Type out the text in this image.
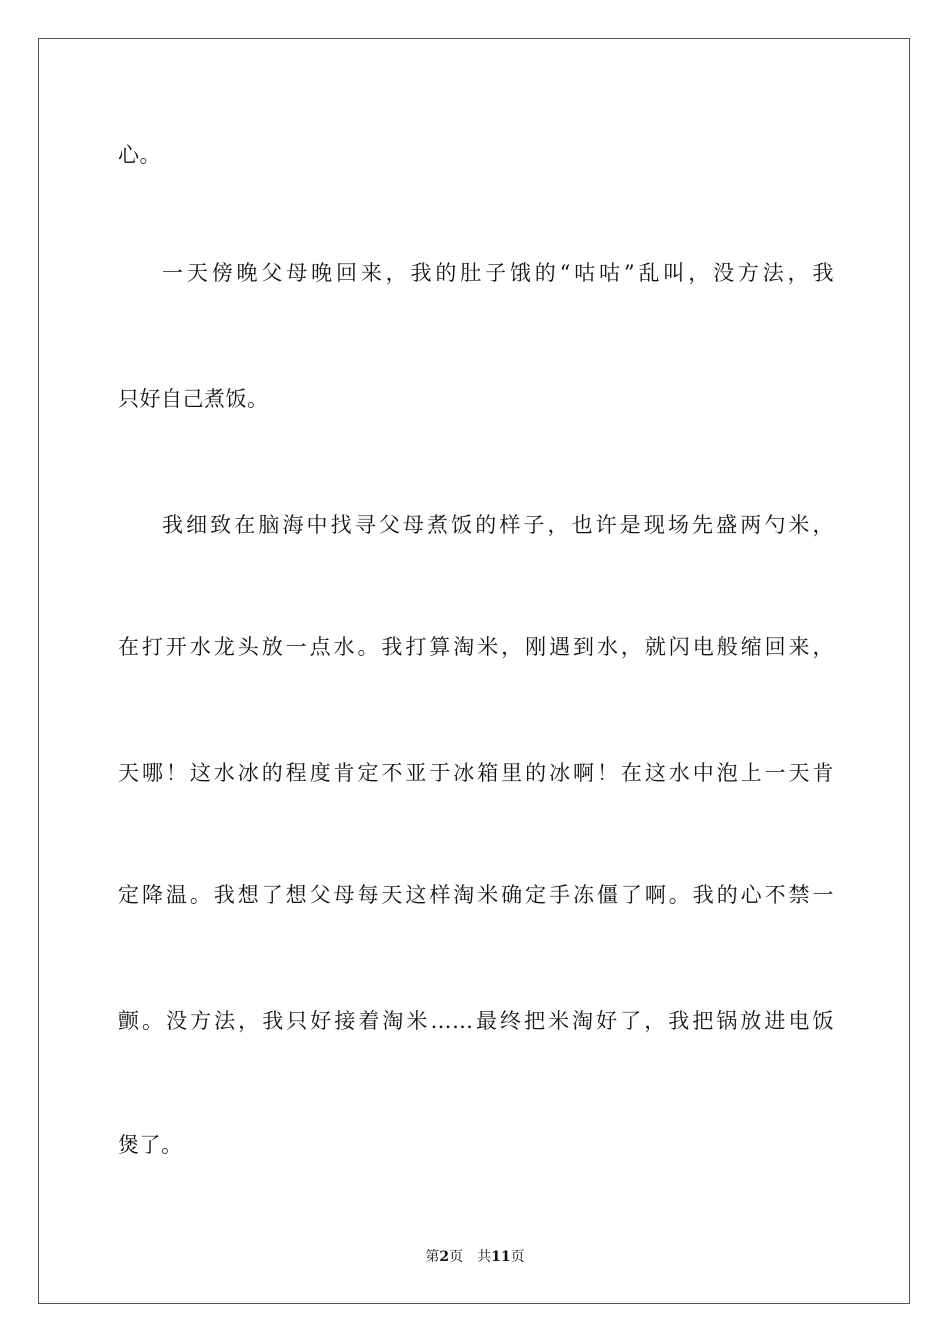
心。
一天傍晚父母晚回来，我的肚子饿的“咕咕”乱叫，没方法，我
只好自己煮饭。
我细致在脑海中找寻父母煮饭的样子，也许是现场先盛两勺米，
在打开水龙头放一点水。我打算淘米，刚遇到水，就闪电般缩回来，
天哪！这水冰的程度肯定不亚于冰箱里的冰啊！在这水中泡上一天肯
定降温。我想了想父母每天这样淘米确定手冻僵了啊。我的心不禁一
颤。没方法，我只好接着淘米……最终把米淘好了，我把锅放进电饭
煲了。
第2页 共11页
